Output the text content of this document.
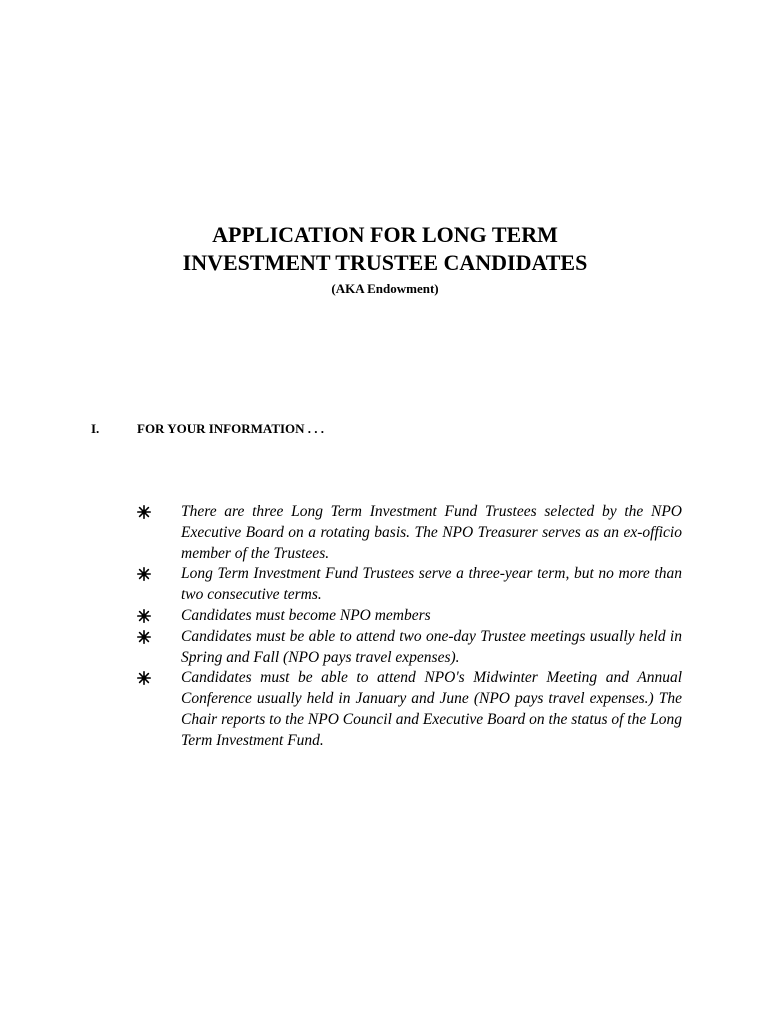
APPLICATION FOR LONG TERM
INVESTMENT TRUSTEE CANDIDATES
(AKA Endowment)
I.	FOR YOUR INFORMATION . . .
There are three Long Term Investment Fund Trustees selected by the NPO Executive Board on a rotating basis. The NPO Treasurer serves as an ex-officio member of the Trustees.
Long Term Investment Fund Trustees serve a three-year term, but no more than two consecutive terms.
Candidates must become NPO members
Candidates must be able to attend two one-day Trustee meetings usually held in Spring and Fall (NPO pays travel expenses).
Candidates must be able to attend NPO's Midwinter Meeting and Annual Conference usually held in January and June (NPO pays travel expenses.) The Chair reports to the NPO Council and Executive Board on the status of the Long Term Investment Fund.
